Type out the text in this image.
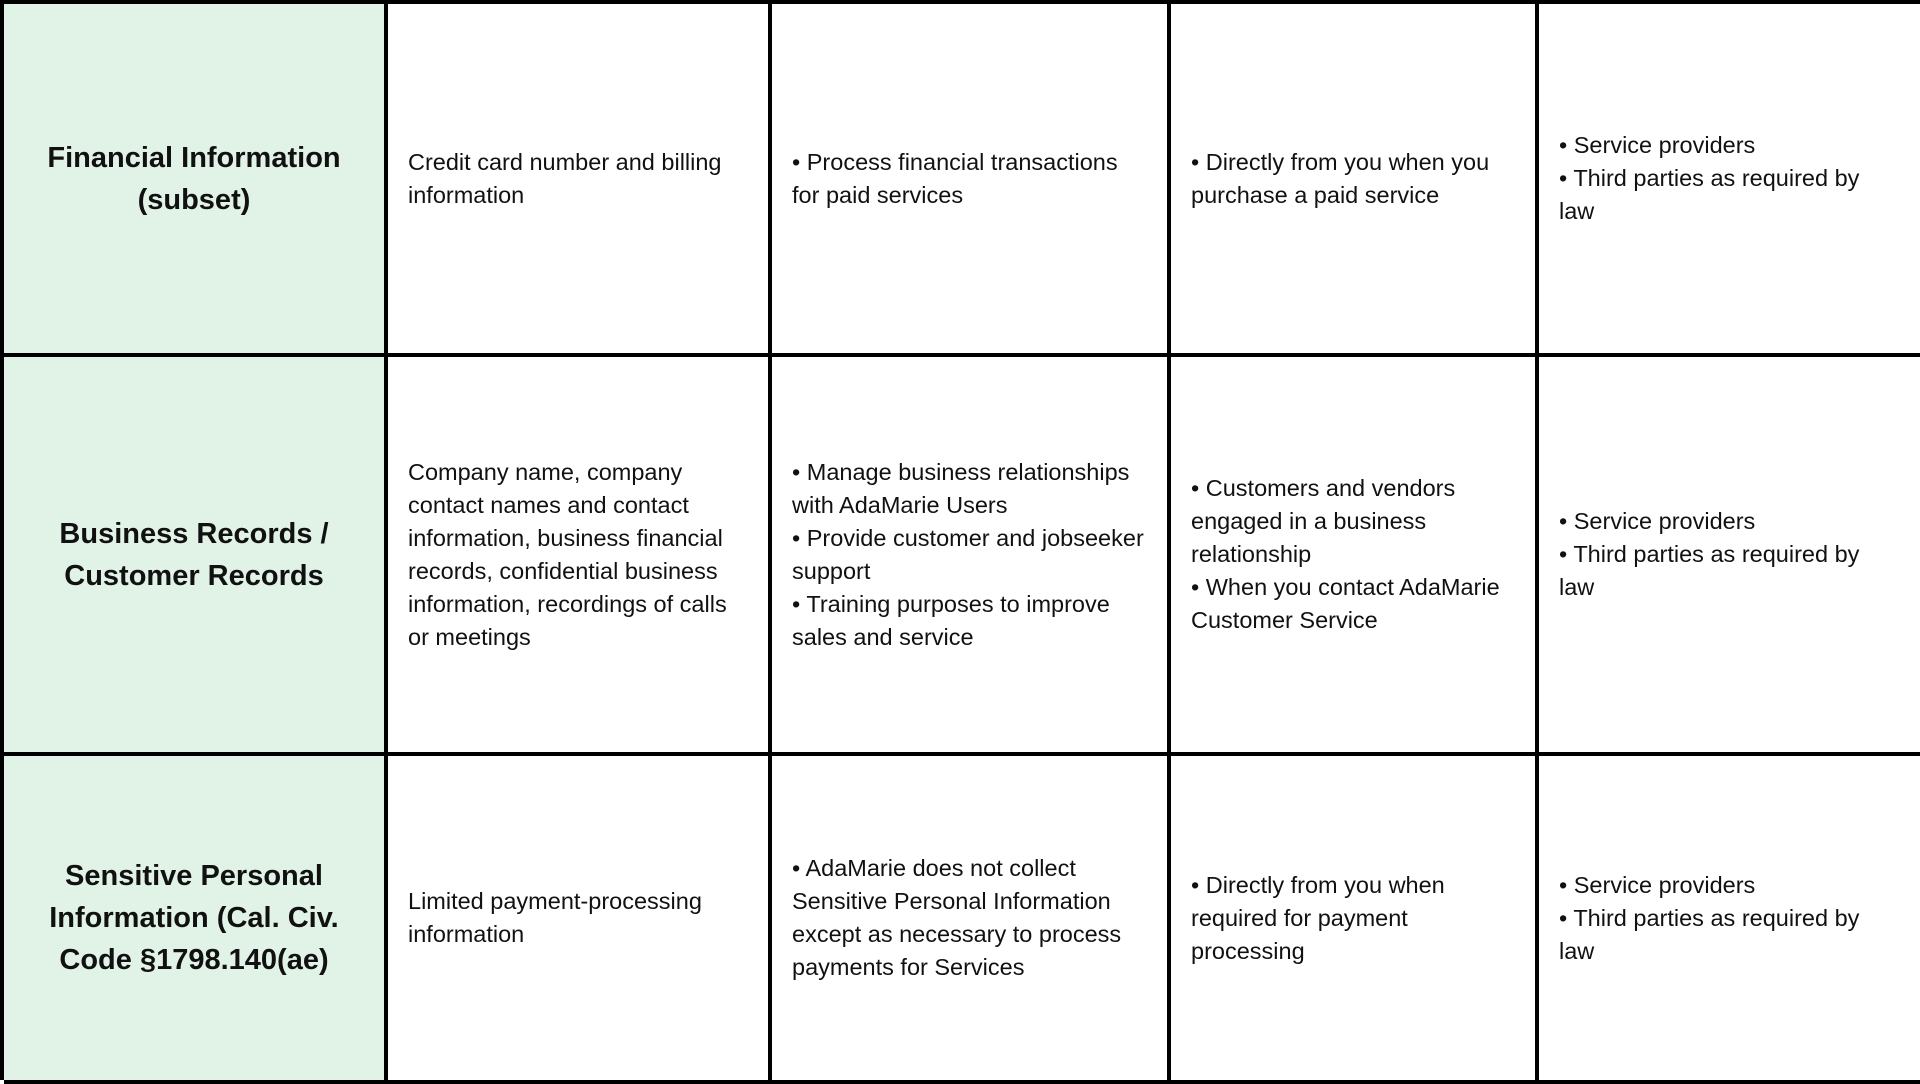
Financial Information (subset)
Credit card number and billing information
• Process financial transactions for paid services
• Directly from you when you purchase a paid service
• Service providers
• Third parties as required by law
Business Records / Customer Records
Company name, company contact names and contact information, business financial records, confidential business information, recordings of calls or meetings
• Manage business relationships with AdaMarie Users
• Provide customer and jobseeker support
• Training purposes to improve sales and service
• Customers and vendors engaged in a business relationship
• When you contact AdaMarie Customer Service
• Service providers
• Third parties as required by law
Sensitive Personal Information (Cal. Civ. Code §1798.140(ae)
Limited payment-processing information
• AdaMarie does not collect Sensitive Personal Information except as necessary to process payments for Services
• Directly from you when required for payment processing
• Service providers
• Third parties as required by law
